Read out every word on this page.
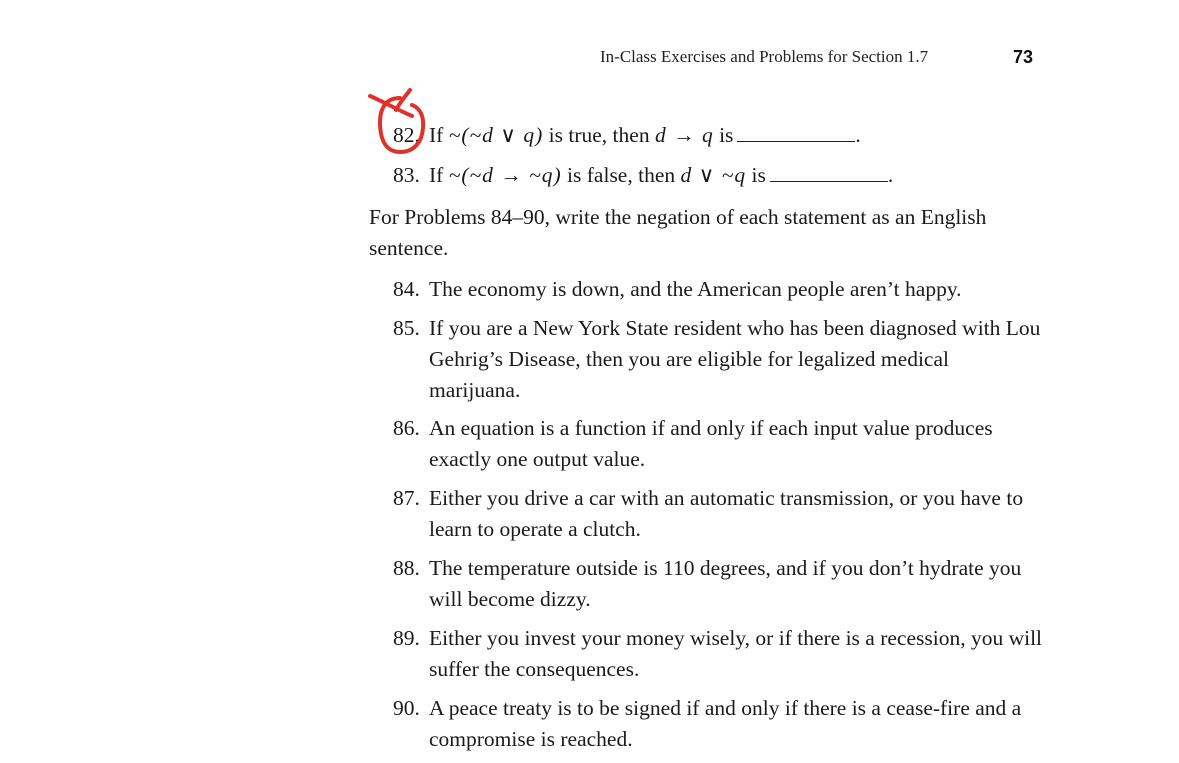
In-Class Exercises and Problems for Section 1.7	73
82. If ~(~d ∨ q) is true, then d → q is	.
83. If ~(~d → ~q) is false, then d ∨ ~q is	.
For Problems 84–90, write the negation of each statement as an English sentence.
84. The economy is down, and the American people aren’t happy.
85. If you are a New York State resident who has been diagnosed with Lou Gehrig’s Disease, then you are eligible for legalized medical marijuana.
86. An equation is a function if and only if each input value produces exactly one output value.
87. Either you drive a car with an automatic transmission, or you have to learn to operate a clutch.
88. The temperature outside is 110 degrees, and if you don’t hydrate you will become dizzy.
89. Either you invest your money wisely, or if there is a recession, you will suffer the consequences.
90. A peace treaty is to be signed if and only if there is a cease-fire and a compromise is reached.
